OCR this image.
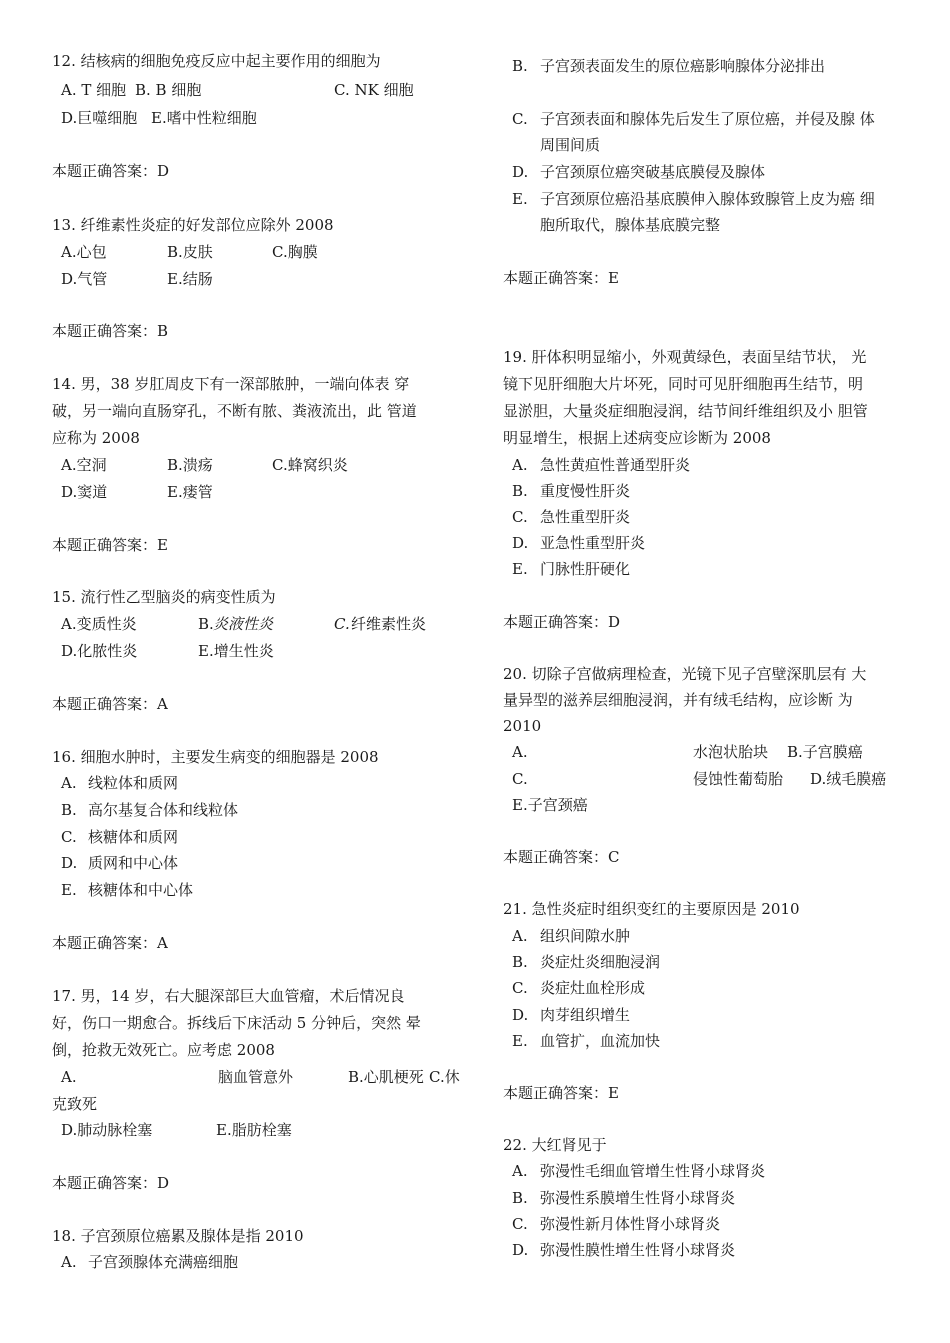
12. 结核病的细胞免疫反应中起主要作用的细胞为
A. T 细胞 B. B 细胞	C. NK 细胞
D.巨噬细胞 E.嗜中性粒细胞
本题正确答案：D
13. 纤维素性炎症的好发部位应除外 2008
A.心包	B.皮肤	C.胸膜
D.气管	E.结肠
本题正确答案：B
14. 男，38 岁肛周皮下有一深部脓肿，一端向体表 穿
破，另一端向直肠穿孔，不断有脓、粪液流出，此 管道
应称为 2008
A.空洞	B.溃疡	C.蜂窝织炎
D.窦道	E.瘘管
本题正确答案：E
15. 流行性乙型脑炎的病变性质为
A.变质性炎	B. 炎液性炎	C. 纤维素性炎
D.化脓性炎	E.增生性炎
本题正确答案：A
16. 细胞水肿时，主要发生病变的细胞器是 2008
A. 线粒体和质网
B. 高尔基复合体和线粒体
C. 核糖体和质网
D. 质网和中心体
E. 核糖体和中心体
本题正确答案：A
17. 男，14 岁，右大腿深部巨大血管瘤，术后情况良
好，伤口一期愈合。拆线后下床活动 5 分钟后，突然 晕
倒，抢救无效死亡。应考虑 2008
A.	脑血管意外	B.心肌梗死 C.休
克致死
D.肺动脉栓塞	E.脂肪栓塞
本题正确答案：D
18. 子宫颈原位癌累及腺体是指 2010
A. 子宫颈腺体充满癌细胞
B. 子宫颈表面发生的原位癌影响腺体分泌排出
C. 子宫颈表面和腺体先后发生了原位癌，并侵及腺 体
周围间质
D. 子宫颈原位癌突破基底膜侵及腺体
E. 子宫颈原位癌沿基底膜伸入腺体致腺管上皮为癌 细
胞所取代，腺体基底膜完整
本题正确答案：E
19. 肝体积明显缩小，外观黄绿色，表面呈结节状， 光
镜下见肝细胞大片坏死，同时可见肝细胞再生结节，明
显淤胆，大量炎症细胞浸润，结节间纤维组织及小 胆管
明显增生，根据上述病变应诊断为 2008
A. 急性黄疸性普通型肝炎
B. 重度慢性肝炎
C. 急性重型肝炎
D. 亚急性重型肝炎
E. 门脉性肝硬化
本题正确答案：D
20. 切除子宫做病理检查，光镜下见子宫壁深肌层有 大
量异型的滋养层细胞浸润，并有绒毛结构，应诊断 为
2010
A.	水泡状胎块 B.子宫膜癌
C.	侵蚀性葡萄胎 D.绒毛膜癌
E.子宫颈癌
本题正确答案：C
21. 急性炎症时组织变红的主要原因是 2010
A. 组织间隙水肿
B. 炎症灶炎细胞浸润
C. 炎症灶血栓形成
D. 肉芽组织增生
E. 血管扩，血流加快
本题正确答案：E
22. 大红肾见于
A. 弥漫性毛细血管增生性肾小球肾炎
B. 弥漫性系膜增生性肾小球肾炎
C. 弥漫性新月体性肾小球肾炎
D. 弥漫性膜性增生性肾小球肾炎
